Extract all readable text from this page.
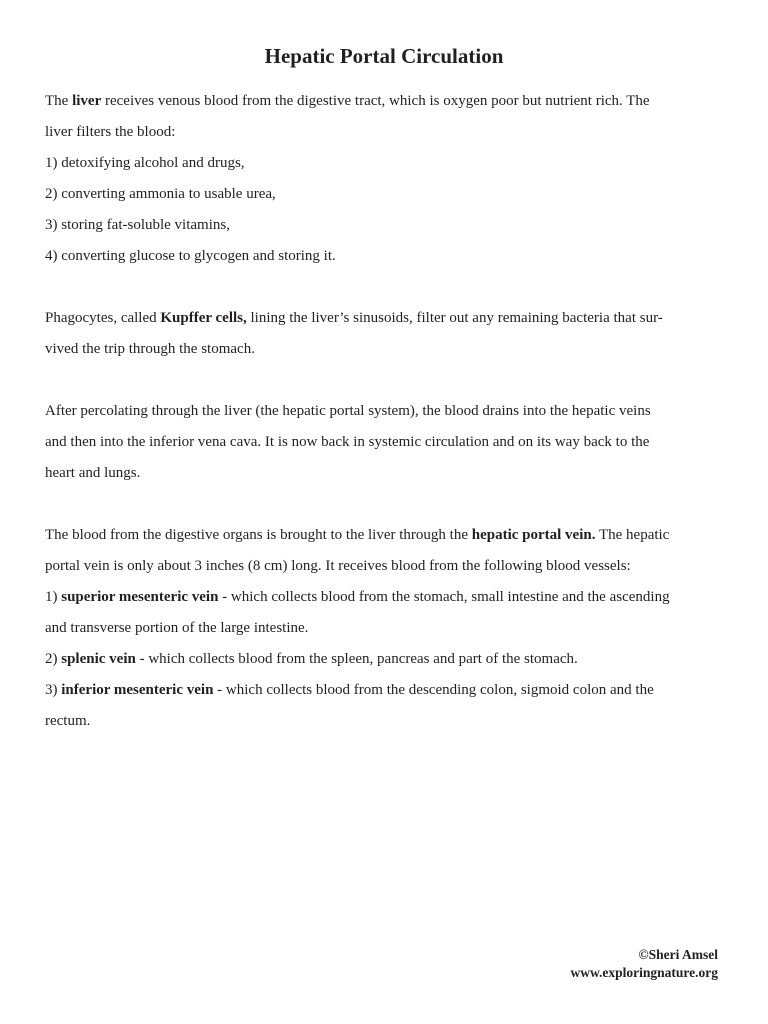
Hepatic Portal Circulation
The liver receives venous blood from the digestive tract, which is oxygen poor but nutrient rich. The
liver filters the blood:
1) detoxifying alcohol and drugs,
2) converting ammonia to usable urea,
3) storing fat-soluble vitamins,
4) converting glucose to glycogen and storing it.
Phagocytes, called Kupffer cells, lining the liver’s sinusoids, filter out any remaining bacteria that sur-
vived the trip through the stomach.
After percolating through the liver (the hepatic portal system), the blood drains into the hepatic veins
and then into the inferior vena cava. It is now back in systemic circulation and on its way back to the
heart and lungs.
The blood from the digestive organs is brought to the liver through the hepatic portal vein. The hepatic
portal vein is only about 3 inches (8 cm) long. It receives blood from the following blood vessels:
1) superior mesenteric vein - which collects blood from the stomach, small intestine and the ascending
and transverse portion of the large intestine.
2) splenic vein - which collects blood from the spleen, pancreas and part of the stomach.
3) inferior mesenteric vein - which collects blood from the descending colon, sigmoid colon and the
rectum.
©Sheri Amsel
www.exploringnature.org
